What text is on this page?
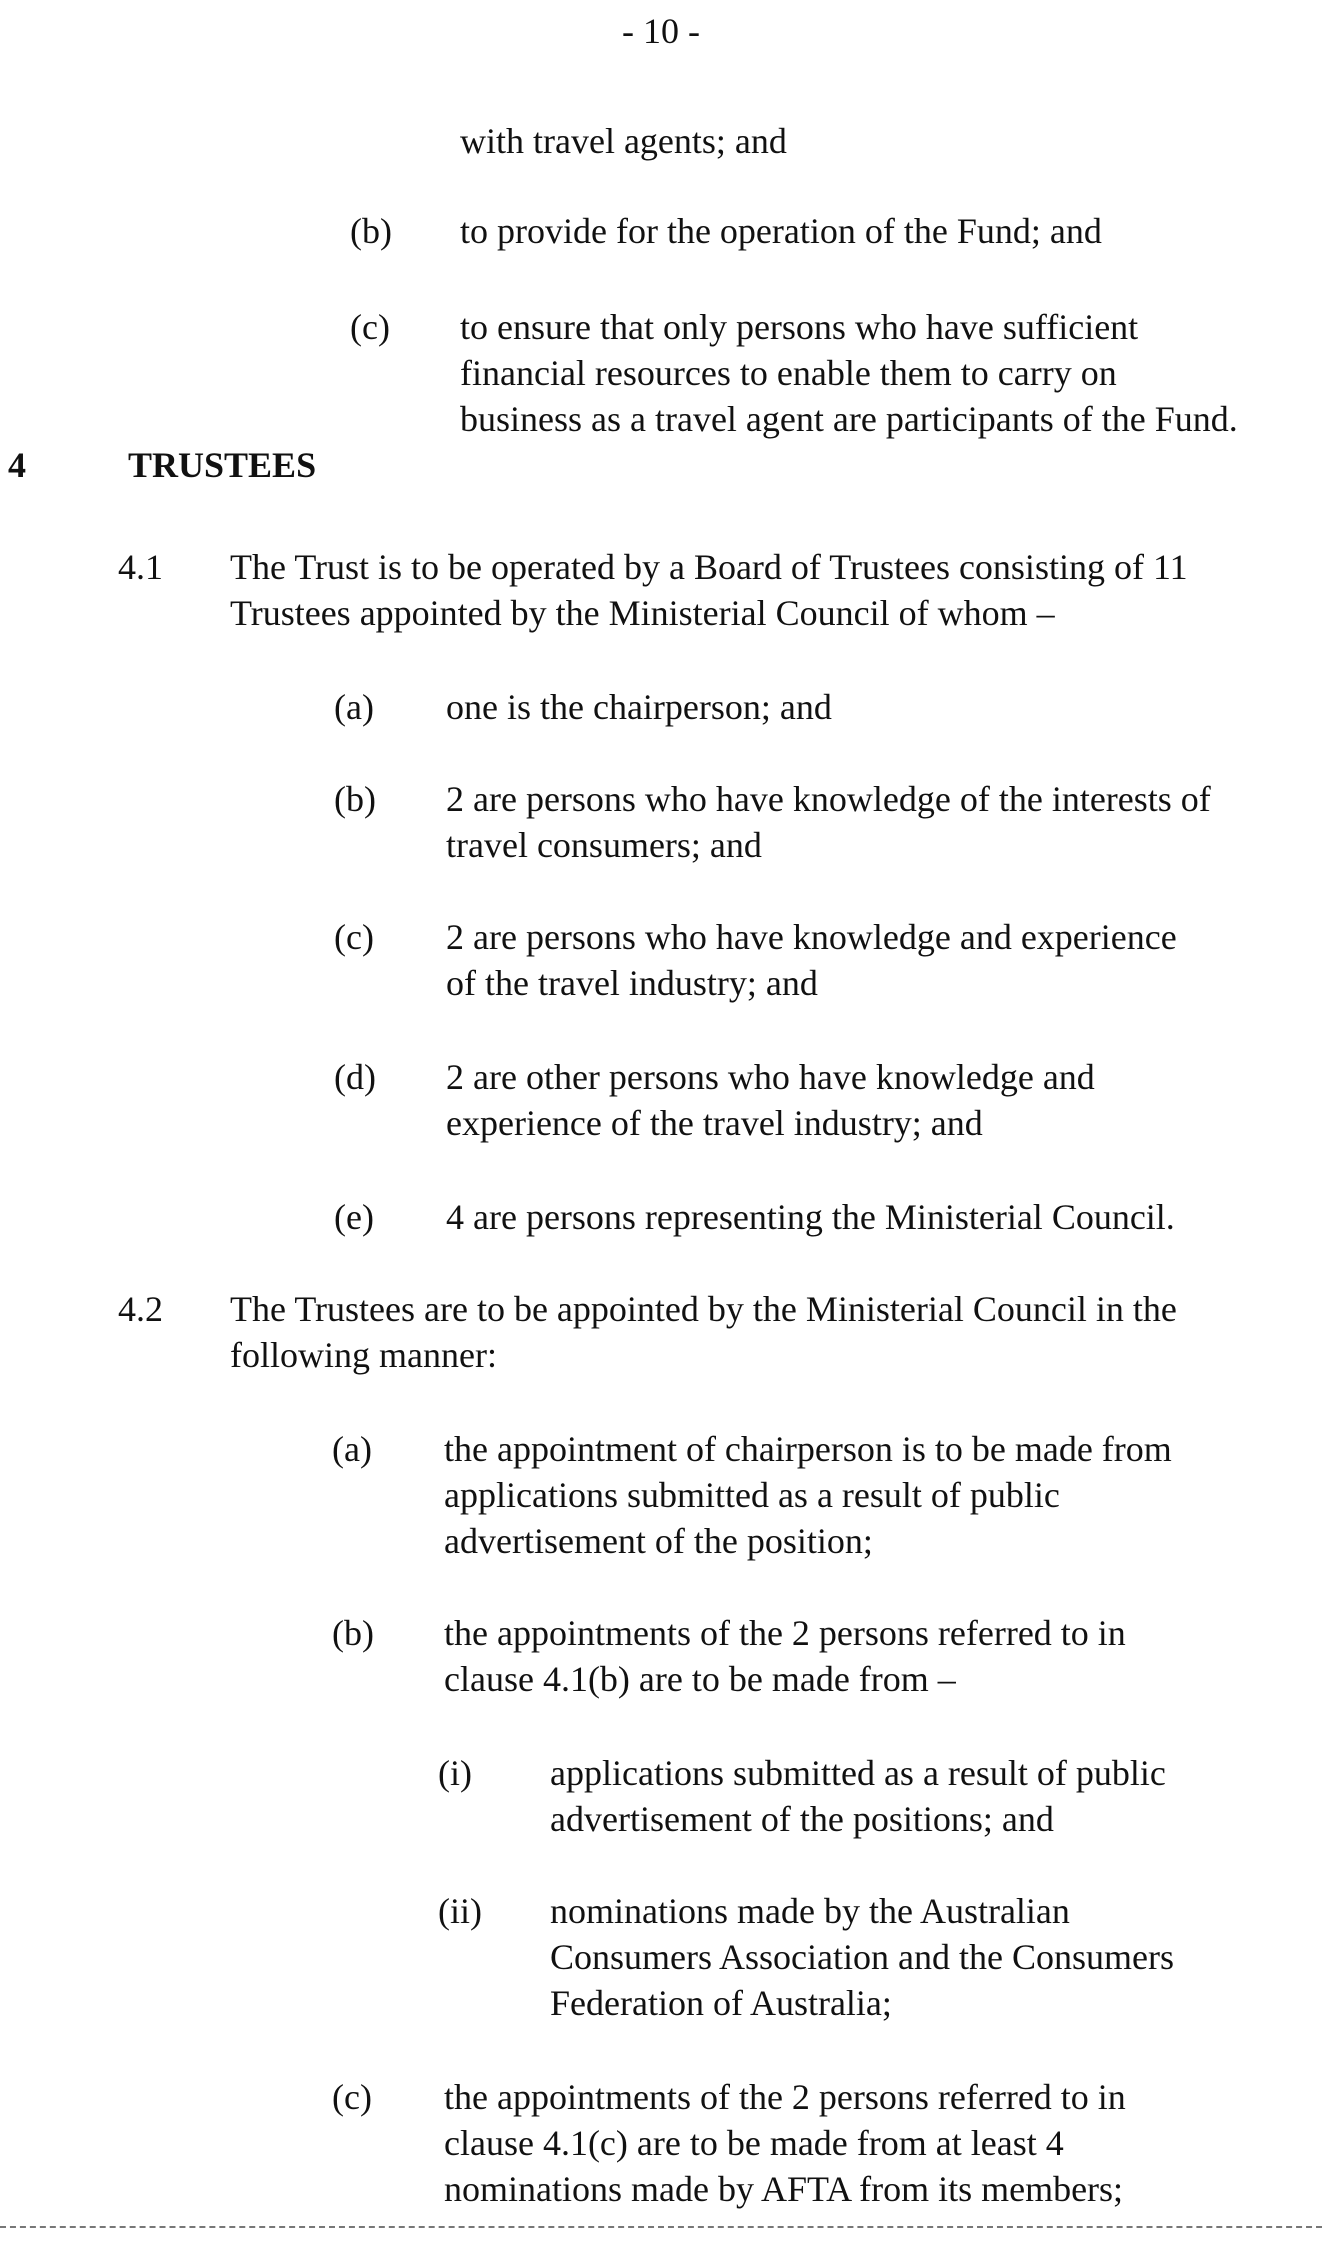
- 10 -
with travel agents; and
(b) to provide for the operation of the Fund; and
(c) to ensure that only persons who have sufficient
financial resources to enable them to carry on
business as a travel agent are participants of the Fund.
4	TRUSTEES
4.1 The Trust is to be operated by a Board of Trustees consisting of 11
Trustees appointed by the Ministerial Council of whom –
(a) one is the chairperson; and
(b) 2 are persons who have knowledge of the interests of
travel consumers; and
(c) 2 are persons who have knowledge and experience
of the travel industry; and
(d) 2 are other persons who have knowledge and
experience of the travel industry; and
(e) 4 are persons representing the Ministerial Council.
4.2 The Trustees are to be appointed by the Ministerial Council in the
following manner:
(a) the appointment of chairperson is to be made from
applications submitted as a result of public
advertisement of the position;
(b) the appointments of the 2 persons referred to in
clause 4.1(b) are to be made from –
(i) applications submitted as a result of public
advertisement of the positions; and
(ii) nominations made by the Australian
Consumers Association and the Consumers
Federation of Australia;
(c) the appointments of the 2 persons referred to in
clause 4.1(c) are to be made from at least 4
nominations made by AFTA from its members;
